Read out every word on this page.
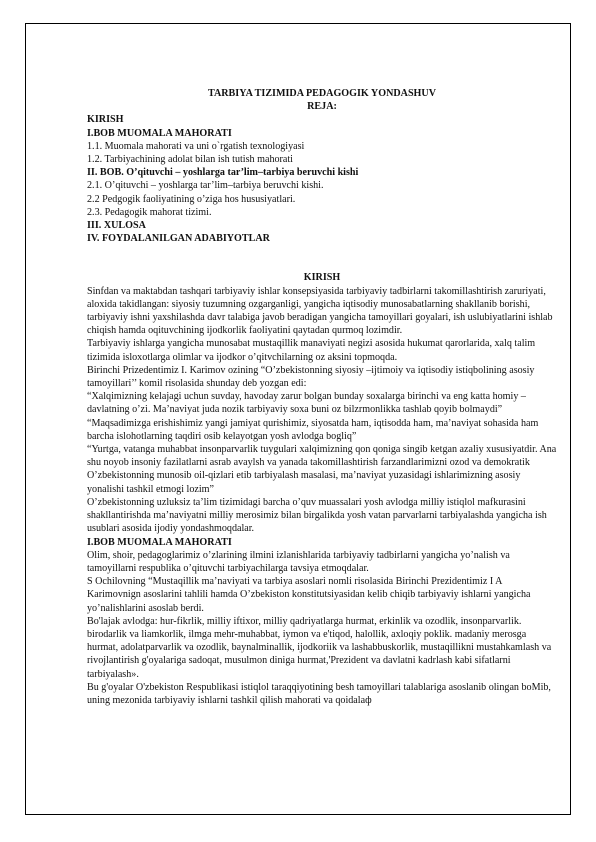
TARBIYA TIZIMIDA PEDAGOGIK YONDASHUV

REJA:

KIRISH

I.BOB MUOMALA MAHORATI

1.1. Muomala mahorati va uni o`rgatish texnologiyasi

1.2. Tarbiyachining adolat bilan ish tutish mahorati

II. BOB. O’qituvchi – yoshlarga tar’lim–tarbiya beruvchi kishi

2.1. O’qituvchi – yoshlarga tar’lim–tarbiya beruvchi kishi.

2.2 Pedgogik faoliyatining o’ziga hos hususiyatlari.

2.3. Pedagogik mahorat tizimi.

III. XULOSA

IV. FOYDALANILGAN ADABIYOTLAR

KIRISH

Sinfdan va maktabdan tashqari tarbiyaviy ishlar konsepsiyasida tarbiyaviy tadbirlarni takomillashtirish zaruriyati, aloxida takidlangan: siyosiy tuzumning ozgarganligi, yangicha iqtisodiy munosabatlarning shakllanib borishi, tarbiyaviy ishni yaxshilashda davr talabiga javob beradigan yangicha tamoyillari goyalari, ish uslubiyatlarini ishlab chiqish hamda oqituvchining ijodkorlik faoliyatini qaytadan qurmoq lozimdir.

Tarbiyaviy ishlarga yangicha munosabat mustaqillik manaviyati negizi asosida hukumat qarorlarida, xalq talim tizimida isloxotlarga olimlar va ijodkor o’qitvchilarning oz aksini topmoqda.

Birinchi Prizedentimiz I. Karimov ozining “O’zbekistonning siyosiy –ijtimoiy va iqtisodiy istiqbolining asosiy tamoyillari’’ komil risolasida shunday deb yozgan edi:

“Xalqimizning kelajagi uchun suvday, havoday zarur bolgan bunday soxalarga birinchi va eng katta homiy – davlatning o’zi. Ma’naviyat juda nozik tarbiyaviy soxa buni oz bilzrmonlikka tashlab qoyib bolmaydi”

“Maqsadimizga erishishimiz yangi jamiyat qurishimiz, siyosatda ham, iqtisodda ham, ma’naviyat sohasida ham barcha islohotlarning taqdiri osib kelayotgan yosh avlodga bogliq”

“Yurtga, vatanga muhabbat insonparvarlik tuygulari xalqimizning qon qoniga singib ketgan azaliy xususiyatdir. Ana shu noyob insoniy fazilatlarni asrab avaylsh va yanada takomillashtirish farzandlarimizni ozod va demokratik O’zbekistonning munosib oil-qizlari etib tarbiyalash masalasi, ma’naviyat yuzasidagi ishlarimizning asosiy yonalishi tashkil etmogi lozim”

O’zbekistonning uzluksiz ta’lim tizimidagi barcha o’quv muassalari yosh avlodga milliy istiqlol mafkurasini shakllantirishda ma’naviyatni milliy merosimiz bilan birgalikda yosh vatan parvarlarni tarbiyalashda yangicha ish usublari asosida ijodiy yondashmoqdalar.

I.BOB MUOMALA MAHORATI

Olim, shoir, pedagoglarimiz o’zlarining ilmini izlanishlarida tarbiyaviy tadbirlarni yangicha yo’nalish va tamoyillarni respublika o’qituvchi tarbiyachilarga tavsiya etmoqdalar.

S Ochilovning “Mustaqillik ma’naviyati va tarbiya asoslari nomli risolasida Birinchi Prezidentimiz I A Karimovnign asoslarini tahlili hamda O’zbekiston konstitutsiyasidan kelib chiqib tarbiyaviy ishlarni yangicha yo’nalishlarini asoslab berdi.

Bo'lajak avlodga: hur-fikrlik, milliy iftixor, milliy qadriyatlarga hurmat, erkinlik va ozodlik, insonparvarlik. birodarlik va liamkorlik, ilmga mehr-muhabbat, iymon va e'tiqod, halollik, axloqiy poklik. madaniy merosga hurmat, adolatparvarlik va ozodlik, baynalminallik, ijodkoriik va lashabbuskorlik, mustaqillikni mustahkamlash va rivojlantirish g'oyalariga sadoqat, musulmon diniga hurmat,'Prezident va davlatni kadrlash kabi sifatlarni tarbiyalash».

Bu g'oyalar O'zbekiston Respublikasi istiqlol taraqqiyotining besh tamoyillari talablariga asoslanib olingan boMib, uning mezonida tarbiyaviy ishlarni tashkil qilish mahorati va qoidalaф
